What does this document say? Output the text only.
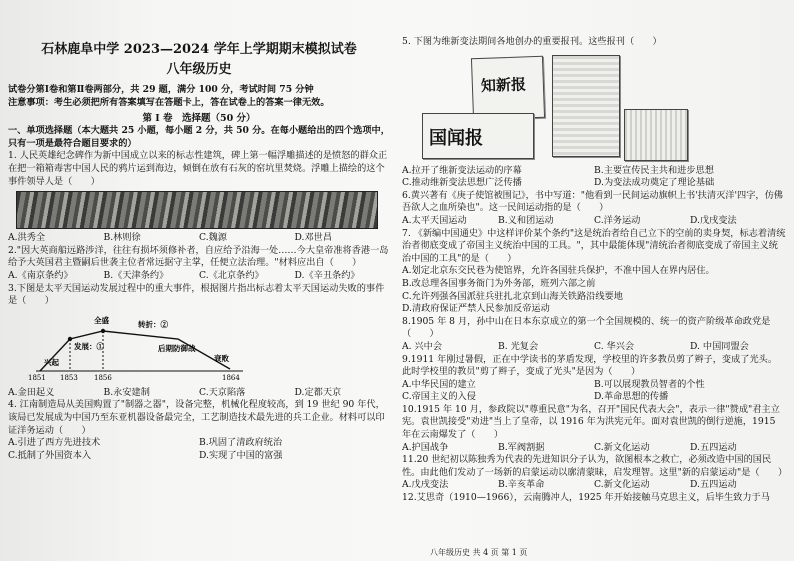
石林鹿阜中学 2023—2024 学年上学期期末模拟试卷

八年级历史

试卷分第Ⅰ卷和第Ⅱ卷两部分，共 29 题，满分 100 分，考试时间 75 分钟

注意事项：考生必须把所有答案填写在答题卡上，答在试卷上的答案一律无效。

第 I 卷　选择题（50 分）

一、单项选择题（本大题共 25 小题，每小题 2 分，共 50 分。在每小题给出的四个选项中，只有一项是最符合题目要求的）

1. 人民英雄纪念碑作为新中国成立以来的标志性建筑，碑上第一幅浮雕描述的是愤怒的群众正在把一箱箱毒害中国人民的鸦片运到海边，倾倒在放有石灰的窑坑里焚烧。浮雕上描绘的这个事件领导人是（　　）

A.洪秀全	B.林则徐	C.魏源	D.邓世昌

2."因大英商船远路涉洋，往往有损坏须修补者，自应给予沿海一处……今大皇帝准将香港一岛给予大英国君主暨嗣后世袭主位者常远据守主掌，任便立法治理。"材料应出自（　　）

A.《南京条约》	B.《天津条约》	C.《北京条约》	D.《辛丑条约》

3.下图是太平天国运动发展过程中的重大事件，根据图片指出标志着太平天国运动失败的事件是（　　）

1851 1853 1856	1864
兴起
发展：①
全盛
衰败
转折：②
后期防御战
A.金田起义	B.永安建制	C.天京陷落	D.定都天京

4. 江南制造局从美国购置了"制器之器"，设备完整，机械化程度较高，到 19 世纪 90 年代，该局已发展成为中国乃至东亚机器设备最完全，工艺制造技术最先进的兵工企业。材料可以印证洋务运动（　　）

A.引进了西方先进技术	B.巩固了清政府统治
C.抵制了外国资本入	D.实现了中国的富强

5. 下图为维新变法期间各地创办的重要报刊。这些报刊（　　）

知新报
国闻报
A.拉开了维新变法运动的序幕	B.主要宣传民主共和进步思想
C.推动维新变法思想广泛传播	D.为变法成功奠定了理论基础

6.黄兴著有《庚子使馆被围记》，书中写道："他看到一民间运动旗帜上书'扶清灭洋'四字，仿佛吾欲人之血所染也"。这一民间运动指的是（　　）

A.太平天国运动	B.义和团运动	C.洋务运动	D.戊戌变法

7. 《新编中国通史》中这样评价某个条约"这是统治者给自己立下的空前的卖身契，标志着清统治者彻底变成了帝国主义统治中国的工具。"，其中最能体现"清统治者彻底变成了帝国主义统治中国的工具"的是（　　）

A.划定北京东交民巷为使馆界，允许各国驻兵保护，不准中国人在界内居住。
B.改总理各国事务衙门为外务部，班列六部之前
C.允许列强各国派驻兵驻扎北京到山海关铁路沿线要地
D.清政府保证严禁人民参加反帝运动

8.1905 年 8 月，孙中山在日本东京成立的第一个全国规模的、统一的资产阶级革命政党是（　　）

A. 兴中会	B. 光复会	C. 华兴会	D. 中国同盟会

9.1911 年刚过暑假，正在中学读书的茅盾发现，学校里的许多教员剪了辫子，变成了光头。此时学校里的教员"剪了辫子，变成了光头"是因为（　　）

A.中华民国的建立	B.可以展现教员智者的个性
C.帝国主义的入侵	D.革命思想的传播

10.1915 年 10 月，参政院以"尊重民意"为名，召开"国民代表大会"，表示一律"赞成"君主立宪。袁世凯接受"劝进"当上了皇帝，以 1916 年为洪宪元年。面对袁世凯的倒行逆施，1915 年在云南爆发了（　　）

A.护国战争	B.军阀割据	C.新文化运动	D.五四运动

11.20 世纪初以陈独秀为代表的先进知识分子认为，欲图根本之救亡，必须改造中国的国民性。由此他们发动了一场新的启蒙运动以廓清蒙昧，启发理智。这里"新的启蒙运动"是（　　）

A.戊戌变法	B.辛亥革命	C.新文化运动	D.五四运动

12.艾思奇（1910—1966），云南腾冲人，1925 年开始接触马克思主义，后毕生致力于马

八年级历史 共 4 页 第 1 页
